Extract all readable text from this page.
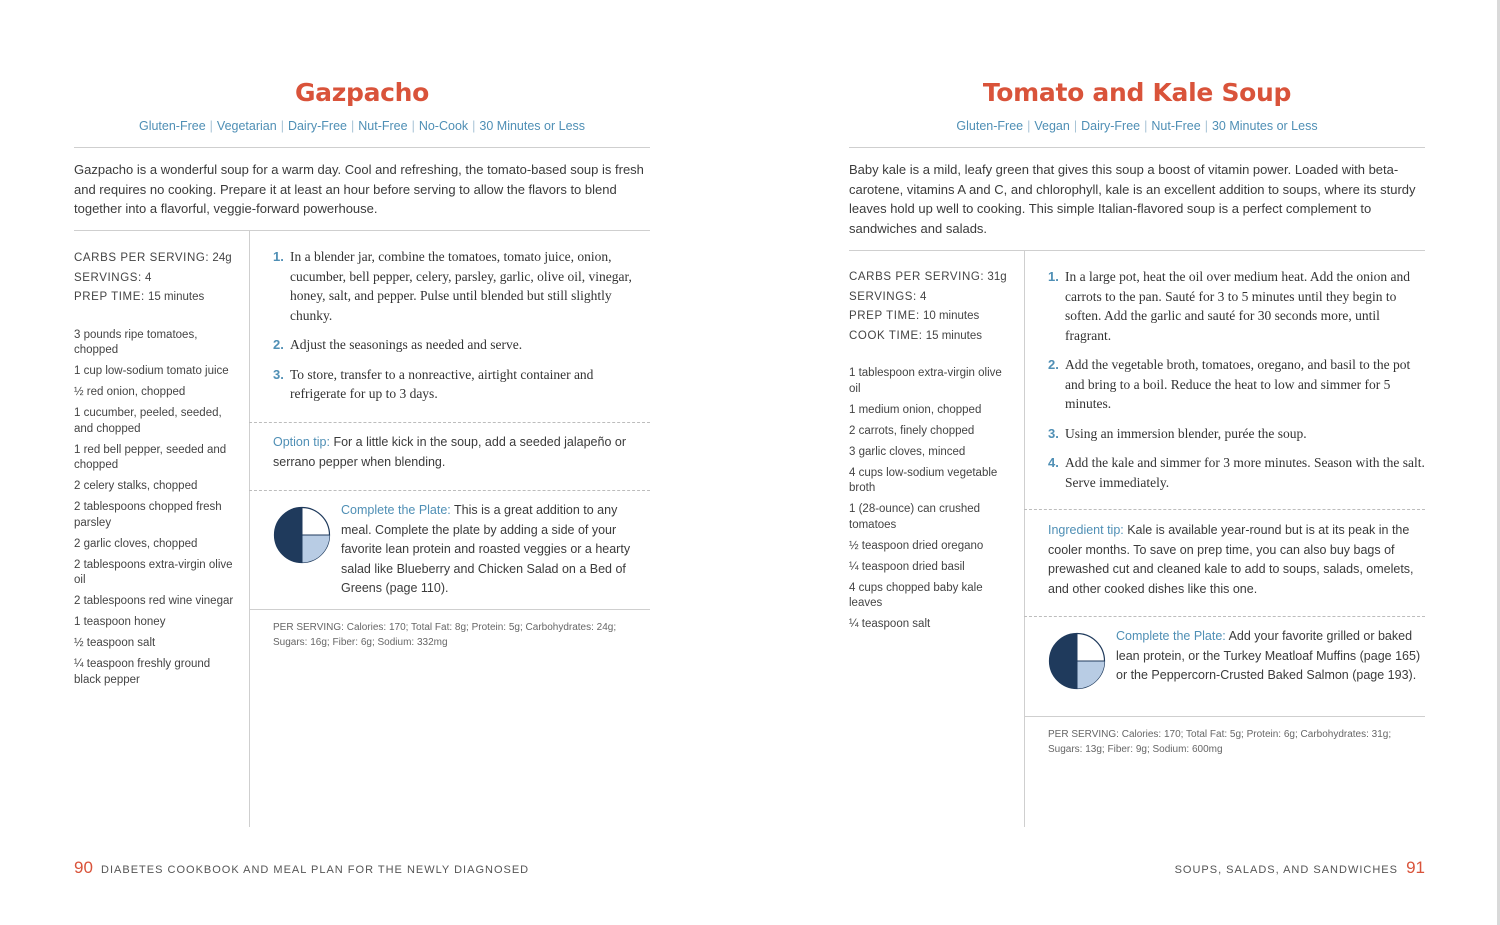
Gazpacho
Gluten-Free | Vegetarian | Dairy-Free | Nut-Free | No-Cook | 30 Minutes or Less

Gazpacho is a wonderful soup for a warm day. Cool and refreshing, the tomato-based soup is fresh and requires no cooking. Prepare it at least an hour before serving to allow the flavors to blend together into a flavorful, veggie-forward powerhouse.

CARBS PER SERVING: 24g
SERVINGS: 4
PREP TIME: 15 minutes
3 pounds ripe tomatoes, chopped
1 cup low-sodium tomato juice
½ red onion, chopped
1 cucumber, peeled, seeded, and chopped
1 red bell pepper, seeded and chopped
2 celery stalks, chopped
2 tablespoons chopped fresh parsley
2 garlic cloves, chopped
2 tablespoons extra-virgin olive oil
2 tablespoons red wine vinegar
1 teaspoon honey
½ teaspoon salt
¼ teaspoon freshly ground black pepper
1. In a blender jar, combine the tomatoes, tomato juice, onion, cucumber, bell pepper, celery, parsley, garlic, olive oil, vinegar, honey, salt, and pepper. Pulse until blended but still slightly chunky.
2. Adjust the seasonings as needed and serve.
3. To store, transfer to a nonreactive, airtight container and refrigerate for up to 3 days.

Option tip: For a little kick in the soup, add a seeded jalapeño or serrano pepper when blending.

Complete the Plate: This is a great addition to any meal. Complete the plate by adding a side of your favorite lean protein and roasted veggies or a hearty salad like Blueberry and Chicken Salad on a Bed of Greens (page 110).

PER SERVING: Calories: 170; Total Fat: 8g; Protein: 5g; Carbohydrates: 24g; Sugars: 16g; Fiber: 6g; Sodium: 332mg

90 DIABETES COOKBOOK AND MEAL PLAN FOR THE NEWLY DIAGNOSED
Tomato and Kale Soup
Gluten-Free | Vegan | Dairy-Free | Nut-Free | 30 Minutes or Less

Baby kale is a mild, leafy green that gives this soup a boost of vitamin power. Loaded with beta-carotene, vitamins A and C, and chlorophyll, kale is an excellent addition to soups, where its sturdy leaves hold up well to cooking. This simple Italian-flavored soup is a perfect complement to sandwiches and salads.

CARBS PER SERVING: 31g
SERVINGS: 4
PREP TIME: 10 minutes
COOK TIME: 15 minutes
1 tablespoon extra-virgin olive oil
1 medium onion, chopped
2 carrots, finely chopped
3 garlic cloves, minced
4 cups low-sodium vegetable broth
1 (28-ounce) can crushed tomatoes
½ teaspoon dried oregano
¼ teaspoon dried basil
4 cups chopped baby kale leaves
¼ teaspoon salt
1. In a large pot, heat the oil over medium heat. Add the onion and carrots to the pan. Sauté for 3 to 5 minutes until they begin to soften. Add the garlic and sauté for 30 seconds more, until fragrant.
2. Add the vegetable broth, tomatoes, oregano, and basil to the pot and bring to a boil. Reduce the heat to low and simmer for 5 minutes.
3. Using an immersion blender, purée the soup.
4. Add the kale and simmer for 3 more minutes. Season with the salt. Serve immediately.

Ingredient tip: Kale is available year-round but is at its peak in the cooler months. To save on prep time, you can also buy bags of prewashed cut and cleaned kale to add to soups, salads, omelets, and other cooked dishes like this one.

Complete the Plate: Add your favorite grilled or baked lean protein, or the Turkey Meatloaf Muffins (page 165) or the Peppercorn-Crusted Baked Salmon (page 193).

PER SERVING: Calories: 170; Total Fat: 5g; Protein: 6g; Carbohydrates: 31g; Sugars: 13g; Fiber: 9g; Sodium: 600mg

SOUPS, SALADS, AND SANDWICHES 91
